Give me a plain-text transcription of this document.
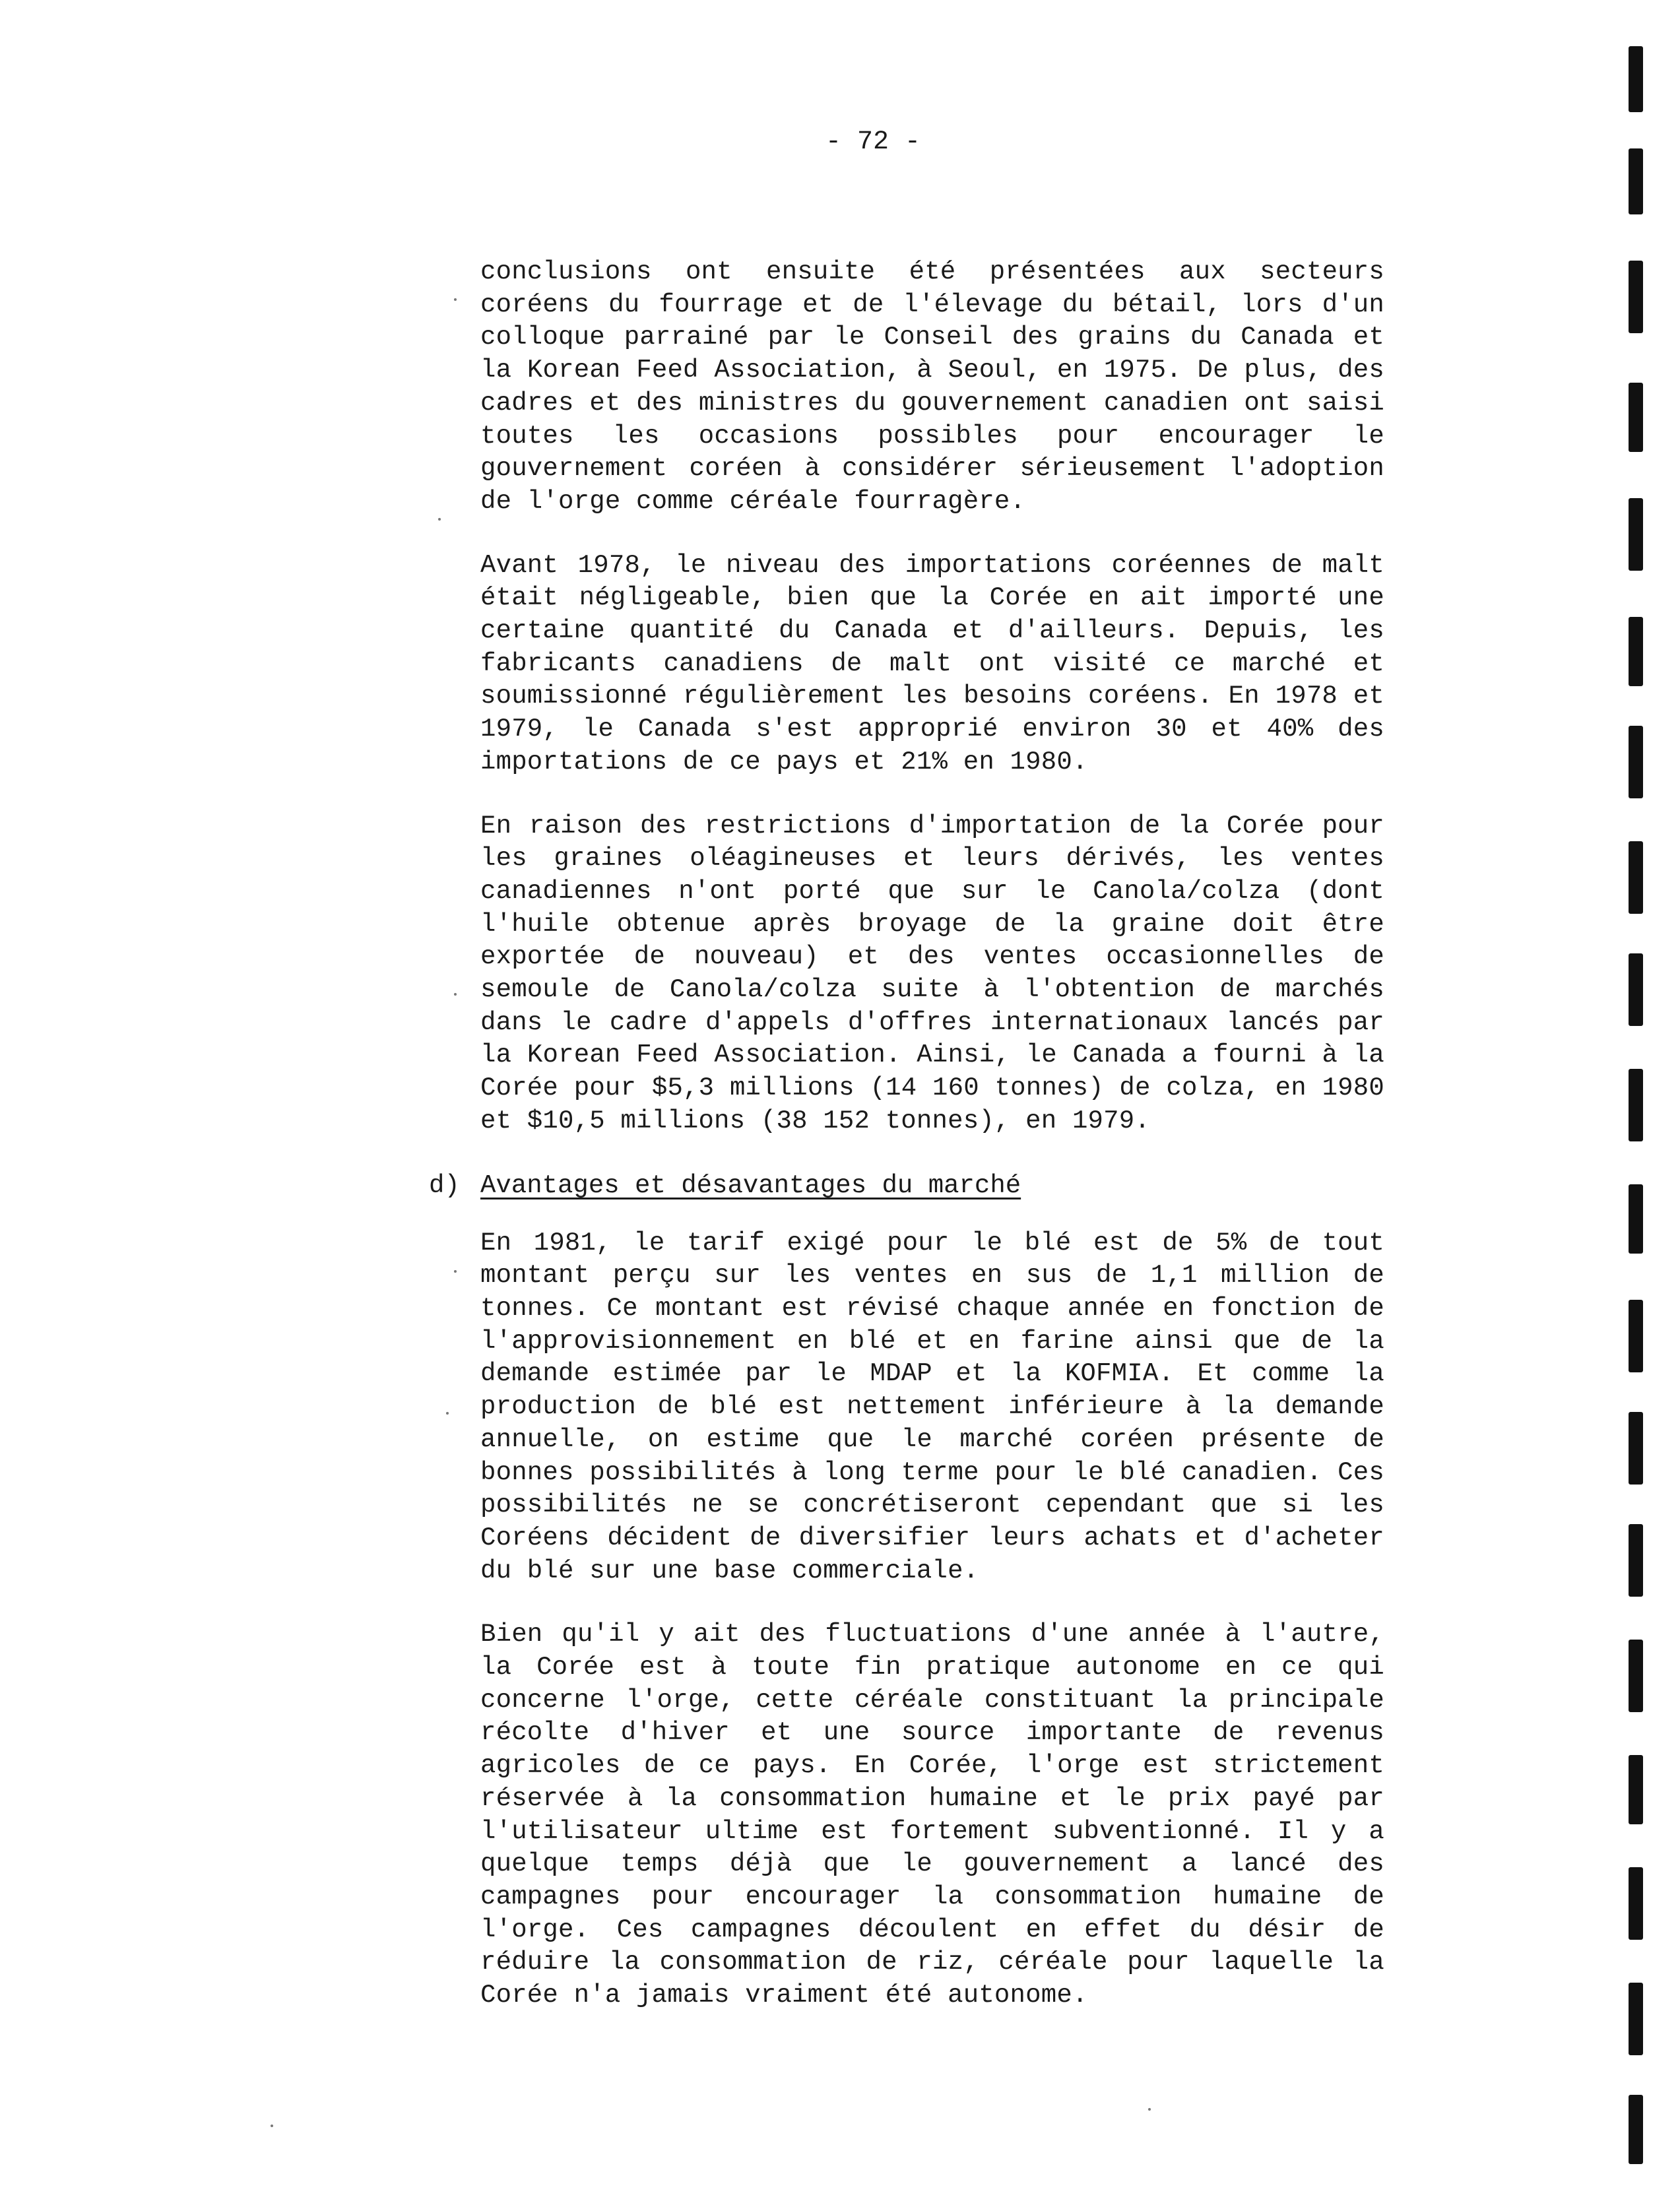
- 72 -

conclusions ont ensuite été présentées aux secteurs coréens du fourrage et de l'élevage du bétail, lors d'un colloque parrainé par le Conseil des grains du Canada et la Korean Feed Association, à Seoul, en 1975. De plus, des cadres et des ministres du gouvernement canadien ont saisi toutes les occasions possibles pour encourager le gouvernement coréen à considérer sérieusement l'adoption de l'orge comme céréale fourragère.

Avant 1978, le niveau des importations coréennes de malt était négligeable, bien que la Corée en ait importé une certaine quantité du Canada et d'ailleurs. Depuis, les fabricants canadiens de malt ont visité ce marché et soumissionné régulièrement les besoins coréens. En 1978 et 1979, le Canada s'est approprié environ 30 et 40% des importations de ce pays et 21% en 1980.

En raison des restrictions d'importation de la Corée pour les graines oléagineuses et leurs dérivés, les ventes canadiennes n'ont porté que sur le Canola/colza (dont l'huile obtenue après broyage de la graine doit être exportée de nouveau) et des ventes occasionnelles de semoule de Canola/colza suite à l'obtention de marchés dans le cadre d'appels d'offres internationaux lancés par la Korean Feed Association. Ainsi, le Canada a fourni à la Corée pour $5,3 millions (14 160 tonnes) de colza, en 1980 et $10,5 millions (38 152 tonnes), en 1979.

d) Avantages et désavantages du marché

En 1981, le tarif exigé pour le blé est de 5% de tout montant perçu sur les ventes en sus de 1,1 million de tonnes. Ce montant est révisé chaque année en fonction de l'approvisionnement en blé et en farine ainsi que de la demande estimée par le MDAP et la KOFMIA. Et comme la production de blé est nettement inférieure à la demande annuelle, on estime que le marché coréen présente de bonnes possibilités à long terme pour le blé canadien. Ces possibilités ne se concrétiseront cependant que si les Coréens décident de diversifier leurs achats et d'acheter du blé sur une base commerciale.

Bien qu'il y ait des fluctuations d'une année à l'autre, la Corée est à toute fin pratique autonome en ce qui concerne l'orge, cette céréale constituant la principale récolte d'hiver et une source importante de revenus agricoles de ce pays. En Corée, l'orge est strictement réservée à la consommation humaine et le prix payé par l'utilisateur ultime est fortement subventionné. Il y a quelque temps déjà que le gouvernement a lancé des campagnes pour encourager la consommation humaine de l'orge. Ces campagnes découlent en effet du désir de réduire la consommation de riz, céréale pour laquelle la Corée n'a jamais vraiment été autonome.
